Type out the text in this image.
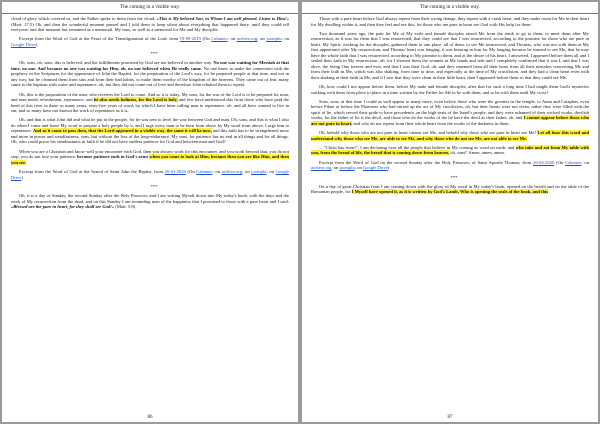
The coming in a visible way.

cloud of glory which covered us, and the Father spoke to them from the cloud: «This is My beloved Son, in Whom I am well pleased. Listen to Him!» (Matt: 17:5) Oh, and then the wonderful moment passed and I told them to keep silent about everything that happened there, until they could tell everyone, and that moment has remained as a memorial. My sons, as well as a memorial for Me and My disciples.

Excerpt from the Word of God at the Feast of the Transfiguration of the Lord, from 19-08-2019 (On Calameo; on archive.org; on joomplu; on Google Drive)

***

Oh, sons, oh, sons, this is believed, and the fulfillments promised by God are not believed in another way. No one was waiting for Messiah at that time, no one. And because no one was waiting for Him, oh, no one believed when He really came. No one knew to make the connection with the prophecy in the Scriptures for the appearance of John the Baptist, for the preparation of the Lord's way, for he prepared people at that time, and not in any way, but he cleansed them from sins and from their bad habits, to make them worthy of the kingdom of the heavens. They came out of fear, many came to the baptism with water and repentance, oh, but they did not come out of love and therefore John rebuked them to repent.

Oh, this is the preparation of the man, who receives the Lord to come. And so it is today, My sons, for the war of the Lord is to be prepared for man, and man needs refreshment, repentance, and he also needs holiness, for the Lord is holy, and few have understood this from those who have paid the heed of this river in these so many years, sixty-five years of word, by which I have been calling man to repentance, oh, and all have wanted to live in sin, and so many have not known the work of repentance as it is.

Oh, and that is what John did and what he put in the people, for he was sent to level the way between God and man. Oh, sons, and this is what I also do when I come and leave My word to prepare a holy people by it, and I urge every man to be born from above by My word from above, I urge him to repentance. And as it came to pass then, that the Lord appeared in a visible way, the same it will be now, and this faith has to be strengthened more and more in power and steadfastness, sons, but without the loss of the long-endurance, My sons, for patience has no end in all things and for all things. Oh, who could prove his steadfastness in faith if he did not have endless patience for God and between man and God?

When you are a Christian and know well your encounter with God, then you always work for this encounter, and you work beyond that, you do not stop, you do not lose your patience, because patience ends in God's arms when you come to look at Him, because then you are like Him, and then you see.

Excerpt from the Word of God at the Synod of Saint John the Baptist, from 20-01-2020 (On Calameo; on archive.org; on joomplu; on Google Drive)

***

Oh, it is a day of Sunday, the second Sunday after the Holy Passover, and I am writing Myself down into My today's book, with the days and the work of My resurrection from the dead, and on this Sunday I am reminding man of the happiness that I promised to those with a pure heart and I said: «Blessed are the pure in heart, for they shall see God!» (Matt: 5:8)

86
The coming in a visible way.

Those with a pure heart before God always repent from their wrong doings, they repent with a crash heart, and they make room for Me in their heart for My dwelling within it, and then they feel and see this, for those who are pure in heart see God with His help for them.

Two thousand years ago, the pain for Me of My exile and female disciples raised Me from the tomb to go to them, to meet them after My resurrection, as it was for them that I was resurrected, that they could see that I was resurrected, according to the promise for those who are pure in heart. My Spirit, working for the disciples, gathered them to one place, all of them, to see Me resurrected, and Thomas, who was not with them at My first appearance after My resurrection, and Thomas' heart was longing, it was burning in him for My longing because he wanted to see Me, that he may have the whole faith that I was resurrected, according to My promise to them, and at the desire of his heart, I answered, I appeared before them all and I sealed their faith in My resurrection, oh, for I showed them the wounds in My hands and side and I completely confirmed that it was I, and that I was alive, the living One forever and ever, and that I was their God, oh, and they repented from all their heart from all their mistakes concerning Me and from their faith in Me, which was also shaking, from time to time, and especially at the time of My crucifixion, and they had a clean heart even with their shaking in their faith in Me, and if I saw that they were clean in their little heart, then I appeared before them so that they could see Me.

Oh, how could I not appear before them, before My male and female disciples, after that for such a long time I had taught them God's mysteries walking with them from place to place in a time written by the Father for Me to be with them, and to be with them until My cross?

Sons, sons, at that time I could as well appear to many more, even before those who were the greatest in the temple, to Anna and Caiaphas, even before Pilate or before the Pharisees who had stirred up the act of My crucifixion, oh, but their hearts were not clean, rather they were filled with the spirit of lie, which served their pride to have precedence on the high seats of the Israel's people, and they were ashamed of their wicked works, devilish works, for the father of lie is the devil, and those who do the works of the lie have the devil as their father, oh, and I cannot appear before those who are not pure in heart, and who do not repent from their whole heart from the works of the darkness in them.

Oh, behold why those who are not pure in heart cannot see Me, and behold why those who are pure in heart see Me! Let all hear this word and understand why those who see Me, are able to see Me, and why those who do not see Me, are not able to see Me.

... "Christ has risen!", I am declaring over all the people that believe in My coming as word on earth; and who take and eat from My table with you, from the bread of life, the bread that is coming down from heaven, oh, sons!' Amen, amen, amen.

Excerpt from the Word of God on the second Sunday after the Holy Passover, of Saint Apostle Thomas; from 26-04-2020 (On Calameo; on archive.org; on joomplu; on Google Drive)

***

On a day of great Christian feast I am coming down with the glory of My word in My today's book, opened on the hearth and on the table of the Romanian people, for I Myself have opened it, as it is written by God's Lamb. Who is opening the seals of the book, and this

87
